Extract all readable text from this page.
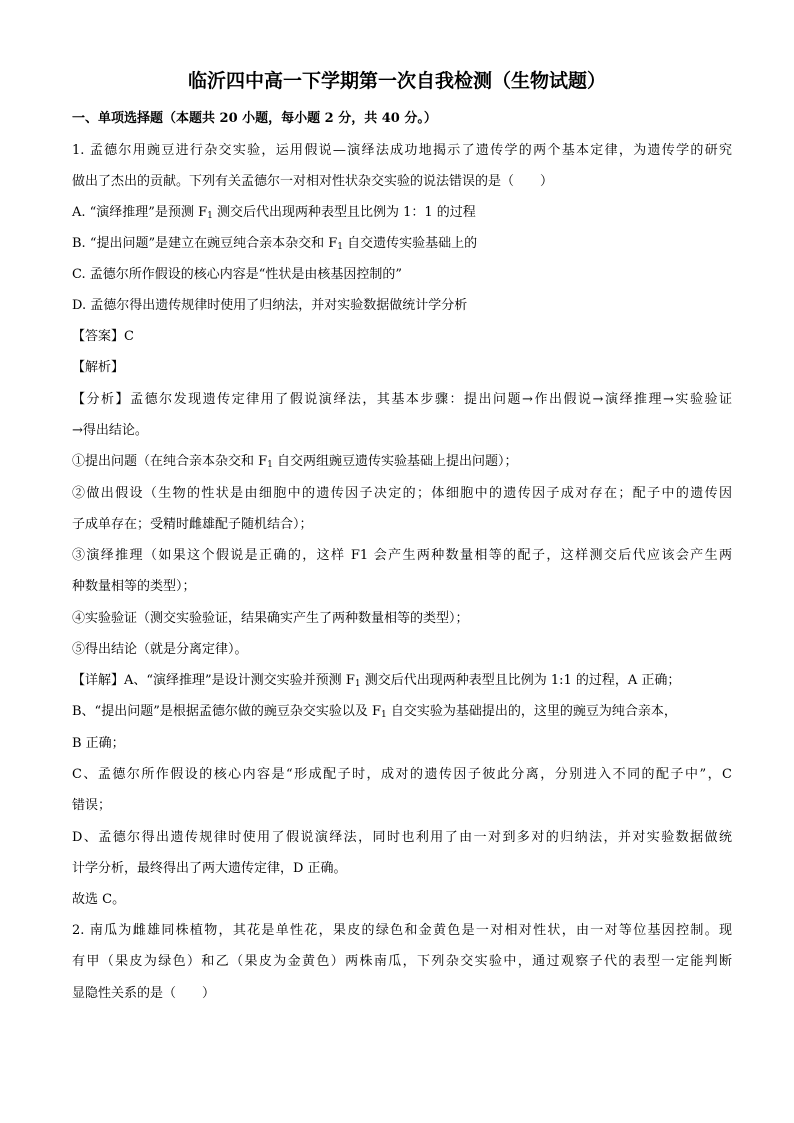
临沂四中高一下学期第一次自我检测（生物试题）
一、单项选择题（本题共 20 小题，每小题 2 分，共 40 分。）
1. 孟德尔用豌豆进行杂交实验，运用假说—演绎法成功地揭示了遗传学的两个基本定律，为遗传学的研究
做出了杰出的贡献。下列有关孟德尔一对相对性状杂交实验的说法错误的是（　　）
A. “演绎推理”是预测 $F_1$ 测交后代出现两种表型且比例为 1：1 的过程
B. “提出问题”是建立在豌豆纯合亲本杂交和 $F_1$ 自交遗传实验基础上的
C. 孟德尔所作假设的核心内容是“性状是由核基因控制的”
D. 孟德尔得出遗传规律时使用了归纳法，并对实验数据做统计学分析
【答案】C
【解析】
【分析】孟德尔发现遗传定律用了假说演绎法，其基本步骤：提出问题→作出假说→演绎推理→实验验证
→得出结论。
①提出问题（在纯合亲本杂交和 $F_1$ 自交两组豌豆遗传实验基础上提出问题）；
②做出假设（生物的性状是由细胞中的遗传因子决定的；体细胞中的遗传因子成对存在；配子中的遗传因
子成单存在；受精时雌雄配子随机结合）；
③演绎推理（如果这个假说是正确的，这样 F1 会产生两种数量相等的配子，这样测交后代应该会产生两
种数量相等的类型）；
④实验验证（测交实验验证，结果确实产生了两种数量相等的类型）；
⑤得出结论（就是分离定律）。
【详解】A、“演绎推理”是设计测交实验并预测 $F_1$ 测交后代出现两种表型且比例为 1:1 的过程，A 正确；
B、“提出问题”是根据孟德尔做的豌豆杂交实验以及 $F_1$ 自交实验为基础提出的，这里的豌豆为纯合亲本，
B 正确；
C、孟德尔所作假设的核心内容是“形成配子时，成对的遗传因子彼此分离，分别进入不同的配子中”，C
错误；
D、孟德尔得出遗传规律时使用了假说演绎法，同时也利用了由一对到多对的归纳法，并对实验数据做统
计学分析，最终得出了两大遗传定律，D 正确。
故选 C。
2. 南瓜为雌雄同株植物，其花是单性花，果皮的绿色和金黄色是一对相对性状，由一对等位基因控制。现
有甲（果皮为绿色）和乙（果皮为金黄色）两株南瓜，下列杂交实验中，通过观察子代的表型一定能判断
显隐性关系的是（　　）
